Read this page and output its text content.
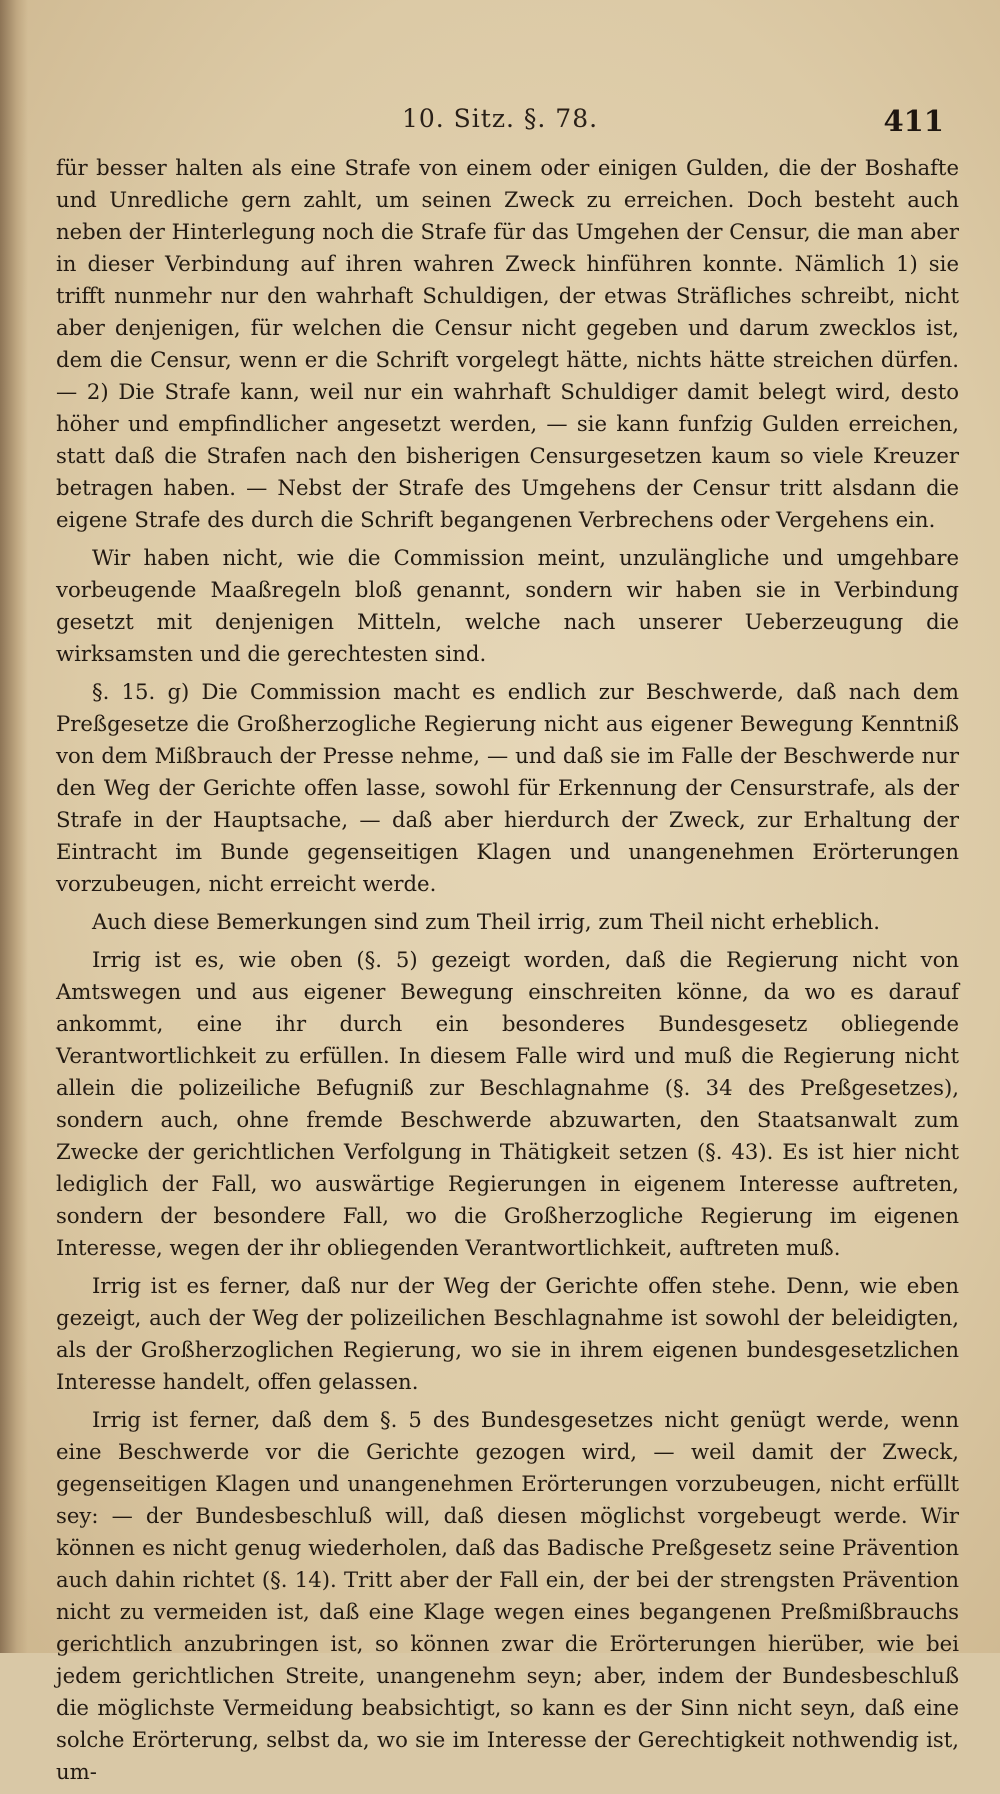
10. Sitz. §. 78.	411

für besser halten als eine Strafe von einem oder einigen Gulden, die der Boshafte und Unredliche gern zahlt, um seinen Zweck zu erreichen. Doch besteht auch neben der Hinterlegung noch die Strafe für das Umgehen der Censur, die man aber in dieser Verbindung auf ihren wahren Zweck hinführen konnte. Nämlich 1) sie trifft nunmehr nur den wahrhaft Schuldigen, der etwas Sträfliches schreibt, nicht aber denjenigen, für welchen die Censur nicht gegeben und darum zwecklos ist, dem die Censur, wenn er die Schrift vorgelegt hätte, nichts hätte streichen dürfen. — 2) Die Strafe kann, weil nur ein wahrhaft Schuldiger damit belegt wird, desto höher und empfindlicher angesetzt werden, — sie kann funfzig Gulden erreichen, statt daß die Strafen nach den bisherigen Censurgesetzen kaum so viele Kreuzer betragen haben. — Nebst der Strafe des Umgehens der Censur tritt alsdann die eigene Strafe des durch die Schrift begangenen Verbrechens oder Vergehens ein.

Wir haben nicht, wie die Commission meint, unzulängliche und umgehbare vorbeugende Maaßregeln bloß genannt, sondern wir haben sie in Verbindung gesetzt mit denjenigen Mitteln, welche nach unserer Ueberzeugung die wirksamsten und die gerechtesten sind.

§. 15. g) Die Commission macht es endlich zur Beschwerde, daß nach dem Preßgesetze die Großherzogliche Regierung nicht aus eigener Bewegung Kenntniß von dem Mißbrauch der Presse nehme, — und daß sie im Falle der Beschwerde nur den Weg der Gerichte offen lasse, sowohl für Erkennung der Censurstrafe, als der Strafe in der Hauptsache, — daß aber hierdurch der Zweck, zur Erhaltung der Eintracht im Bunde gegenseitigen Klagen und unangenehmen Erörterungen vorzubeugen, nicht erreicht werde.

Auch diese Bemerkungen sind zum Theil irrig, zum Theil nicht erheblich.

Irrig ist es, wie oben (§. 5) gezeigt worden, daß die Regierung nicht von Amtswegen und aus eigener Bewegung einschreiten könne, da wo es darauf ankommt, eine ihr durch ein besonderes Bundesgesetz obliegende Verantwortlichkeit zu erfüllen. In diesem Falle wird und muß die Regierung nicht allein die polizeiliche Befugniß zur Beschlagnahme (§. 34 des Preßgesetzes), sondern auch, ohne fremde Beschwerde abzuwarten, den Staatsanwalt zum Zwecke der gerichtlichen Verfolgung in Thätigkeit setzen (§. 43). Es ist hier nicht lediglich der Fall, wo auswärtige Regierungen in eigenem Interesse auftreten, sondern der besondere Fall, wo die Großherzogliche Regierung im eigenen Interesse, wegen der ihr obliegenden Verantwortlichkeit, auftreten muß.

Irrig ist es ferner, daß nur der Weg der Gerichte offen stehe. Denn, wie eben gezeigt, auch der Weg der polizeilichen Beschlagnahme ist sowohl der beleidigten, als der Großherzoglichen Regierung, wo sie in ihrem eigenen bundesgesetzlichen Interesse handelt, offen gelassen.

Irrig ist ferner, daß dem §. 5 des Bundesgesetzes nicht genügt werde, wenn eine Beschwerde vor die Gerichte gezogen wird, — weil damit der Zweck, gegenseitigen Klagen und unangenehmen Erörterungen vorzubeugen, nicht erfüllt sey: — der Bundesbeschluß will, daß diesen möglichst vorgebeugt werde. Wir können es nicht genug wiederholen, daß das Badische Preßgesetz seine Prävention auch dahin richtet (§. 14). Tritt aber der Fall ein, der bei der strengsten Prävention nicht zu vermeiden ist, daß eine Klage wegen eines begangenen Preßmißbrauchs gerichtlich anzubringen ist, so können zwar die Erörterungen hierüber, wie bei jedem gerichtlichen Streite, unangenehm seyn; aber, indem der Bundesbeschluß die möglichste Vermeidung beabsichtigt, so kann es der Sinn nicht seyn, daß eine solche Erörterung, selbst da, wo sie im Interesse der Gerechtigkeit nothwendig ist, um-
